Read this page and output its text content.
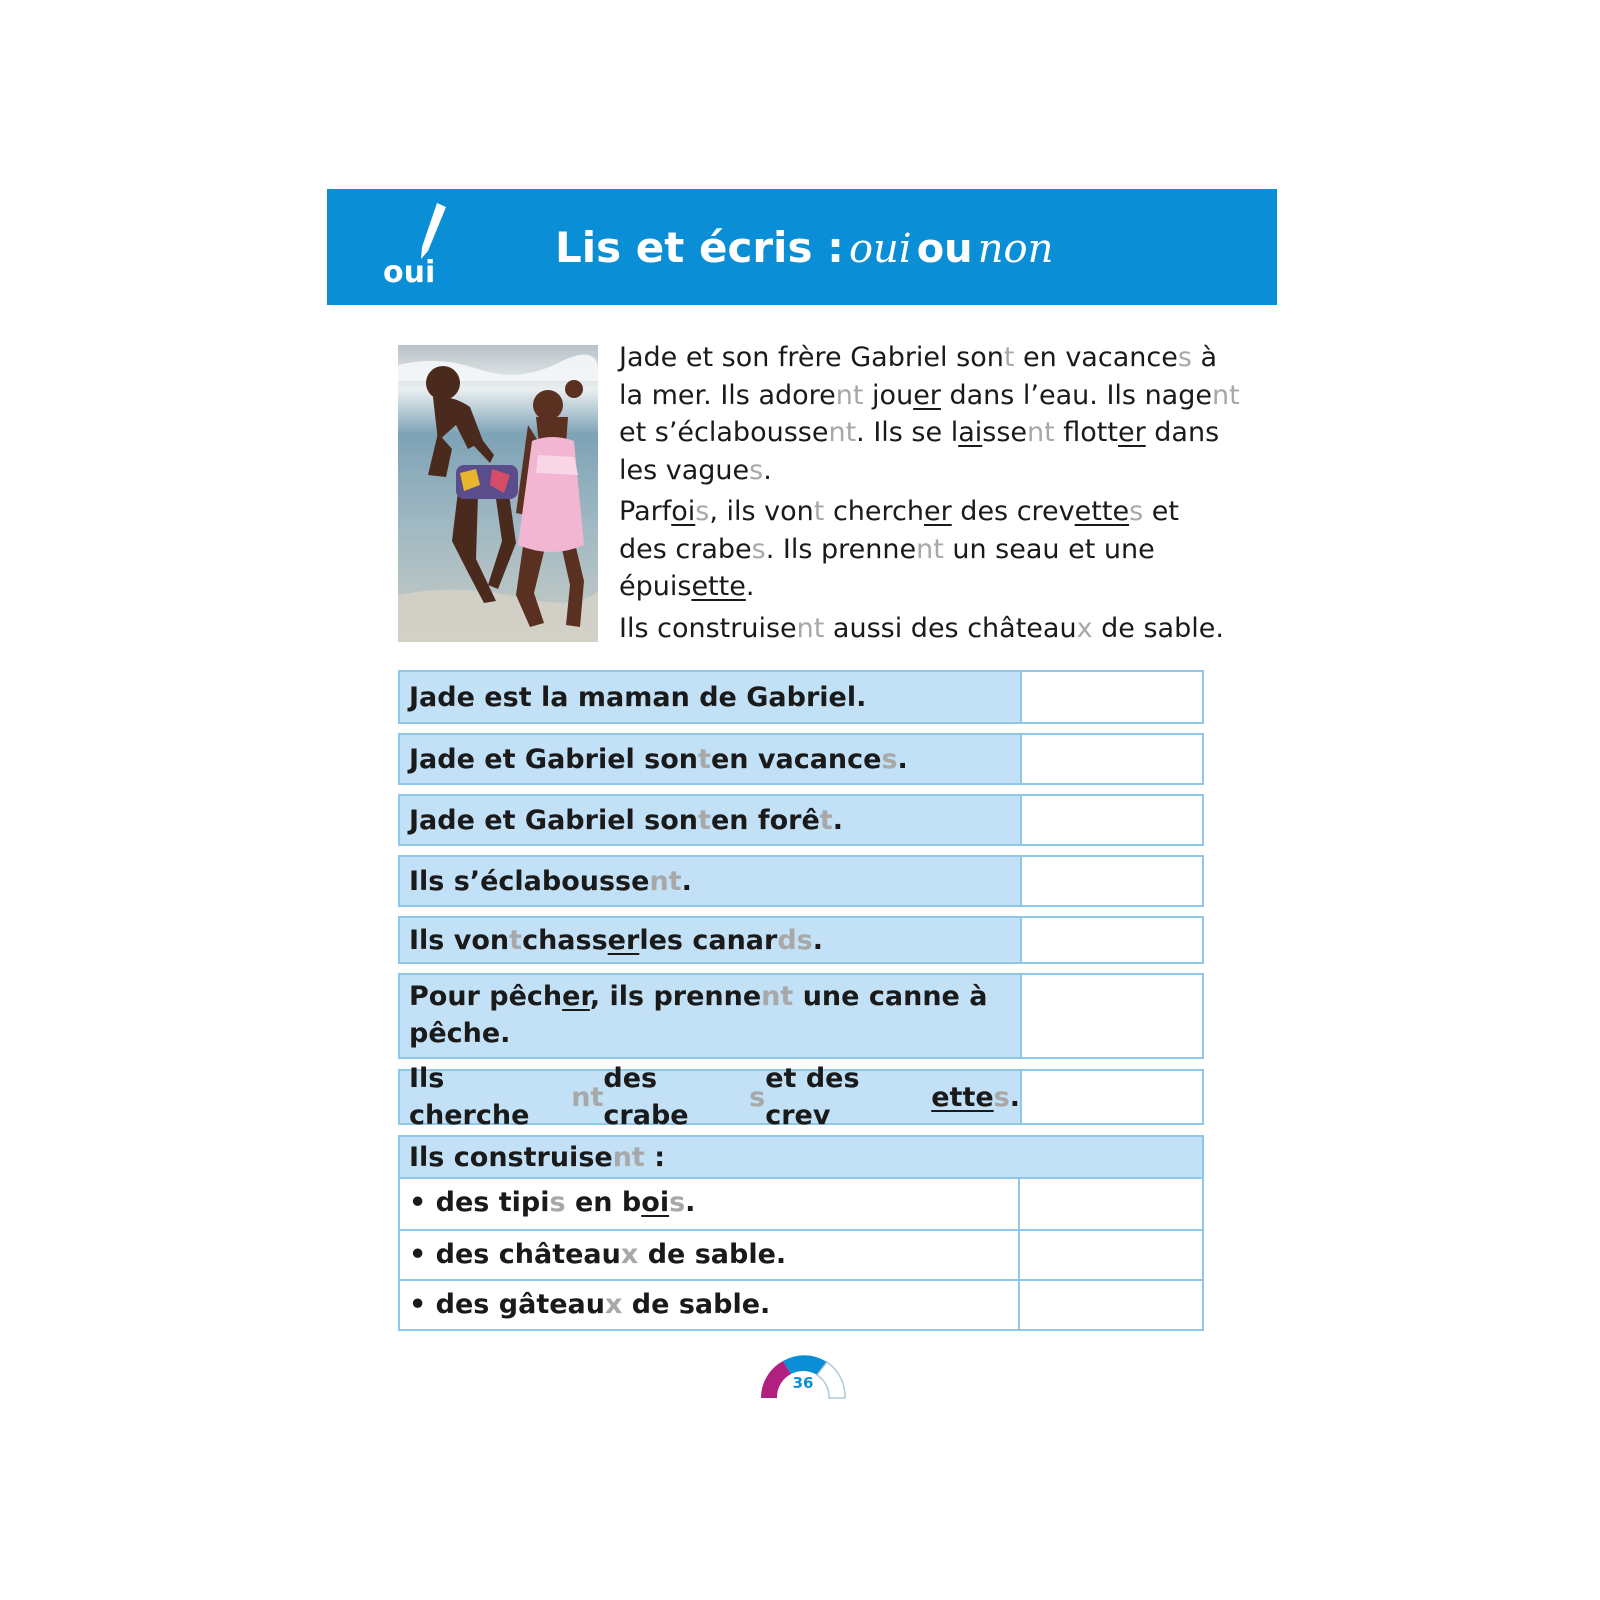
oui
Lis et écris : oui ou non

Jade et son frère Gabriel sont en vacances à
la mer. Ils adorent jouer dans l’eau. Ils nagent
et s’éclaboussent. Ils se laissent flotter dans
les vagues.

Parfois, ils vont chercher des crevettes et
des crabes. Ils prennent un seau et une
épuisette.

Ils construisent aussi des châteaux de sable.

Jade est la maman de Gabriel.
Jade et Gabriel son t en vacance s .
Jade et Gabriel son t en forê t .
Ils s’éclabousse nt .
Ils von t chass er les canar ds .
Pour pêcher, ils prennent une canne à
pêche.
Ils cherche
nt
des crabe
s
et des crev
ette s .
Ils construisent :
• des tipis en bois.
• des châteaux de sable.
• des gâteaux de sable.
36
